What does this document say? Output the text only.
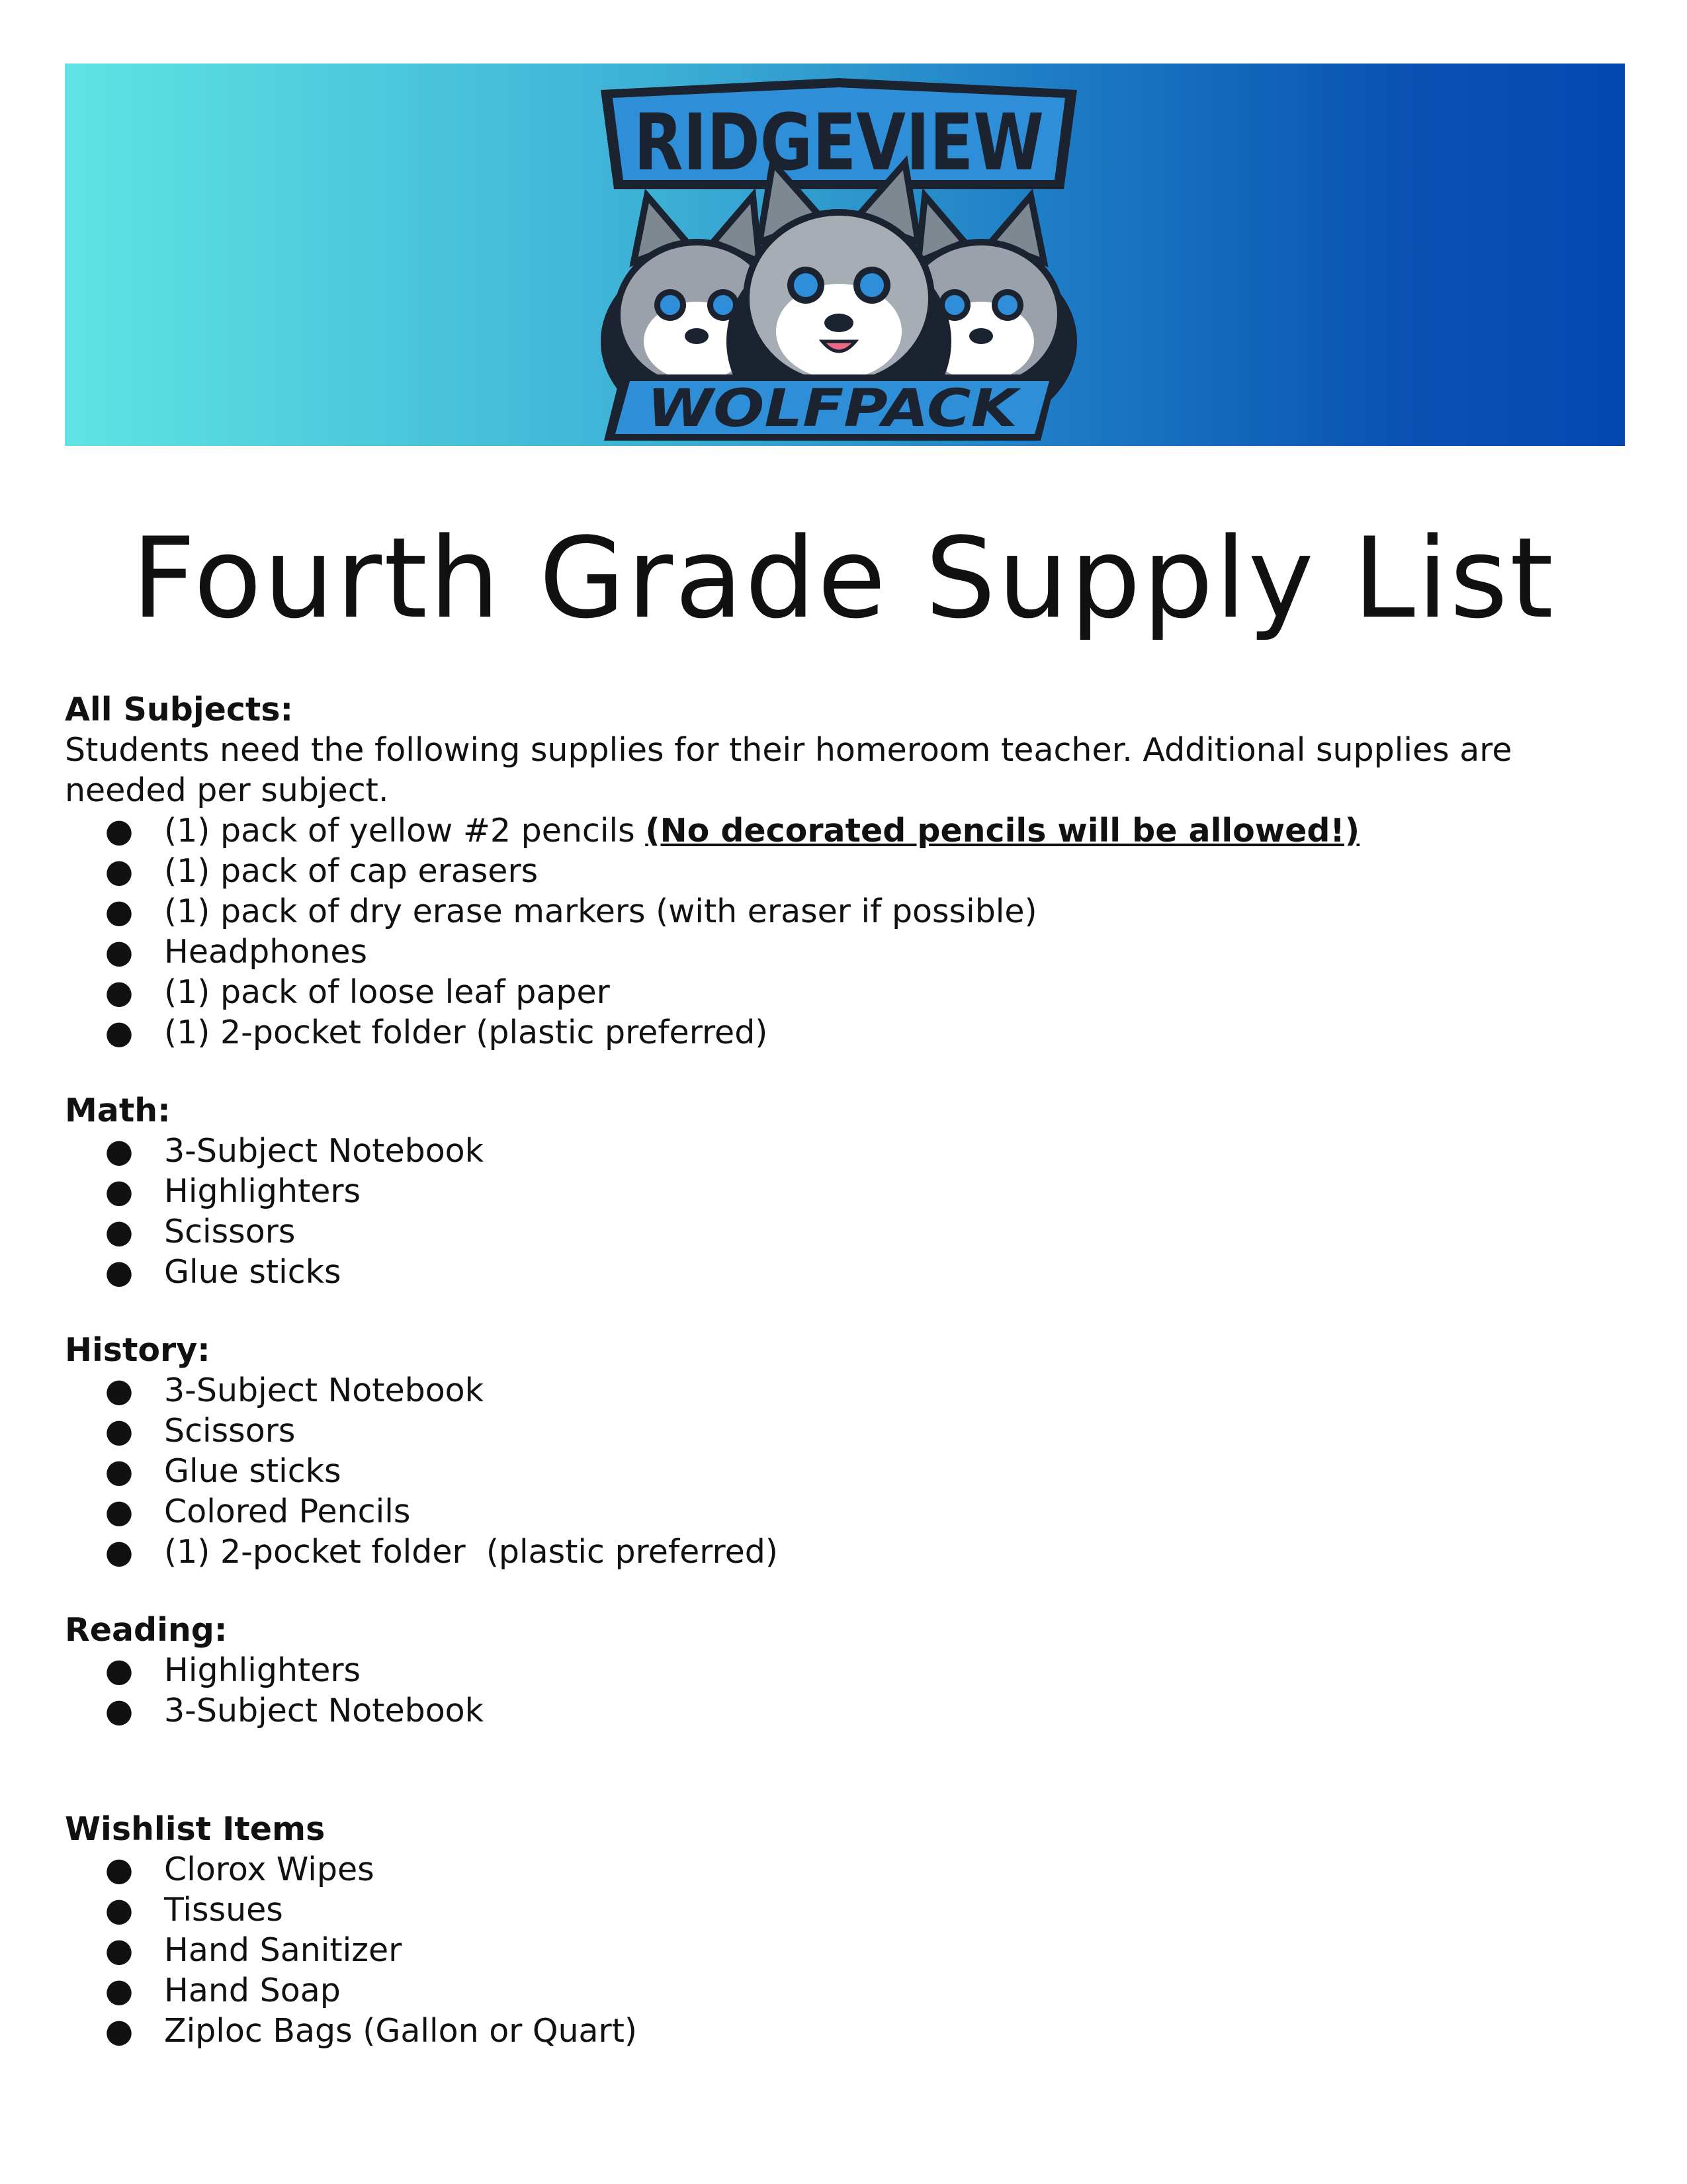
RIDGEVIEW
WOLFPACK
Fourth Grade Supply List

All Subjects:

Students need the following supplies for their homeroom teacher. Additional supplies are needed per subject.

● (1) pack of yellow #2 pencils (No decorated pencils will be allowed!)
● (1) pack of cap erasers
● (1) pack of dry erase markers (with eraser if possible)
● Headphones
● (1) pack of loose leaf paper
● (1) 2-pocket folder (plastic preferred)

Math:

● 3-Subject Notebook
● Highlighters
● Scissors
● Glue sticks

History:

● 3-Subject Notebook
● Scissors
● Glue sticks
● Colored Pencils
● (1) 2-pocket folder  (plastic preferred)

Reading:

● Highlighters
● 3-Subject Notebook

Wishlist Items

● Clorox Wipes
● Tissues
● Hand Sanitizer
● Hand Soap
● Ziploc Bags (Gallon or Quart)
